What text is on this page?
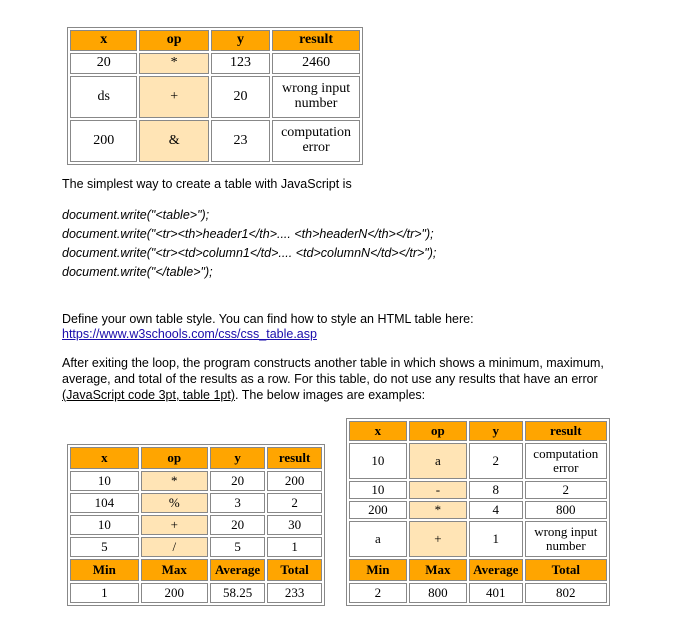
x	op	y	result
20	*	123	2460
ds	+	20	wrong input number
200	&	23	computation error
The simplest way to create a table with JavaScript is
document.write("<table>");
document.write("<tr><th>header1</th>.... <th>headerN</th></tr>");
document.write("<tr><td>column1</td>.... <td>columnN</td></tr>");
document.write("</table>");
Define your own table style. You can find how to style an HTML table here:
https://www.w3schools.com/css/css_table.asp
After exiting the loop, the program constructs another table in which shows a minimum, maximum, average, and total of the results as a row. For this table, do not use any results that have an error (JavaScript code 3pt, table 1pt). The below images are examples:
x	op	y	result
10	*	20	200
104	%	3	2
10	+	20	30
5	/	5	1
Min	Max	Average	Total
1	200	58.25	233
x	op	y	result
10	a	2	computation error
10	-	8	2
200	*	4	800
a	+	1	wrong input number
Min	Max	Average	Total
2	800	401	802
